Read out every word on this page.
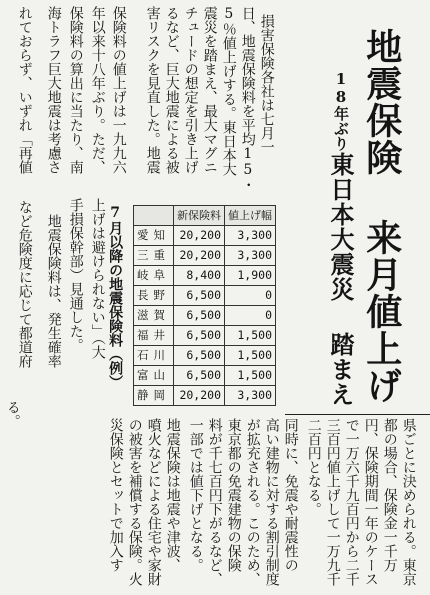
地震保険 来月値上げ
18年ぶり
東日本大震災 踏まえ
損害保険各社は七月一
日、地震保険料を平均15・
5％値上げする。東日本大
震災を踏まえ、最大マグニ
チュードの想定を引き上げ
るなど、巨大地震による被
害リスクを見直した。地震
保険料の値上げは一九九六
年以来十八年ぶり。ただ、
保険料の算出に当たり、南
海トラフ巨大地震は考慮さ
れておらず、いずれ「再値
上げは避けられない」（大
手損保幹部）見通した。
地震保険料は、発生確率
など危険度に応じて都道府
県ごとに決められる。東京
都の場合、保険金一千万
円、保険期間一年のケース
で一万六千九百円から二千
三百円値上げして一万九千
二百円となる。
同時に、免震や耐震性の
高い建物に対する割引制度
が拡充される。このため、
東京都の免震建物の保険
料が千七百円下がるなど、
一部では値下げとなる。
地震保険は地震や津波、
噴火などによる住宅や家財
の被害を補償する保険。火
災保険とセットで加入す
る。
7月以降の地震保険料（例）
		新保険料	値上げ幅
愛知	20,200	3,300
三重	20,200	3,300
岐阜	8,400	1,900
長野	6,500	0
滋賀	6,500	0
福井	6,500	1,500
石川	6,500	1,500
富山	6,500	1,500
静岡	20,200	3,300
